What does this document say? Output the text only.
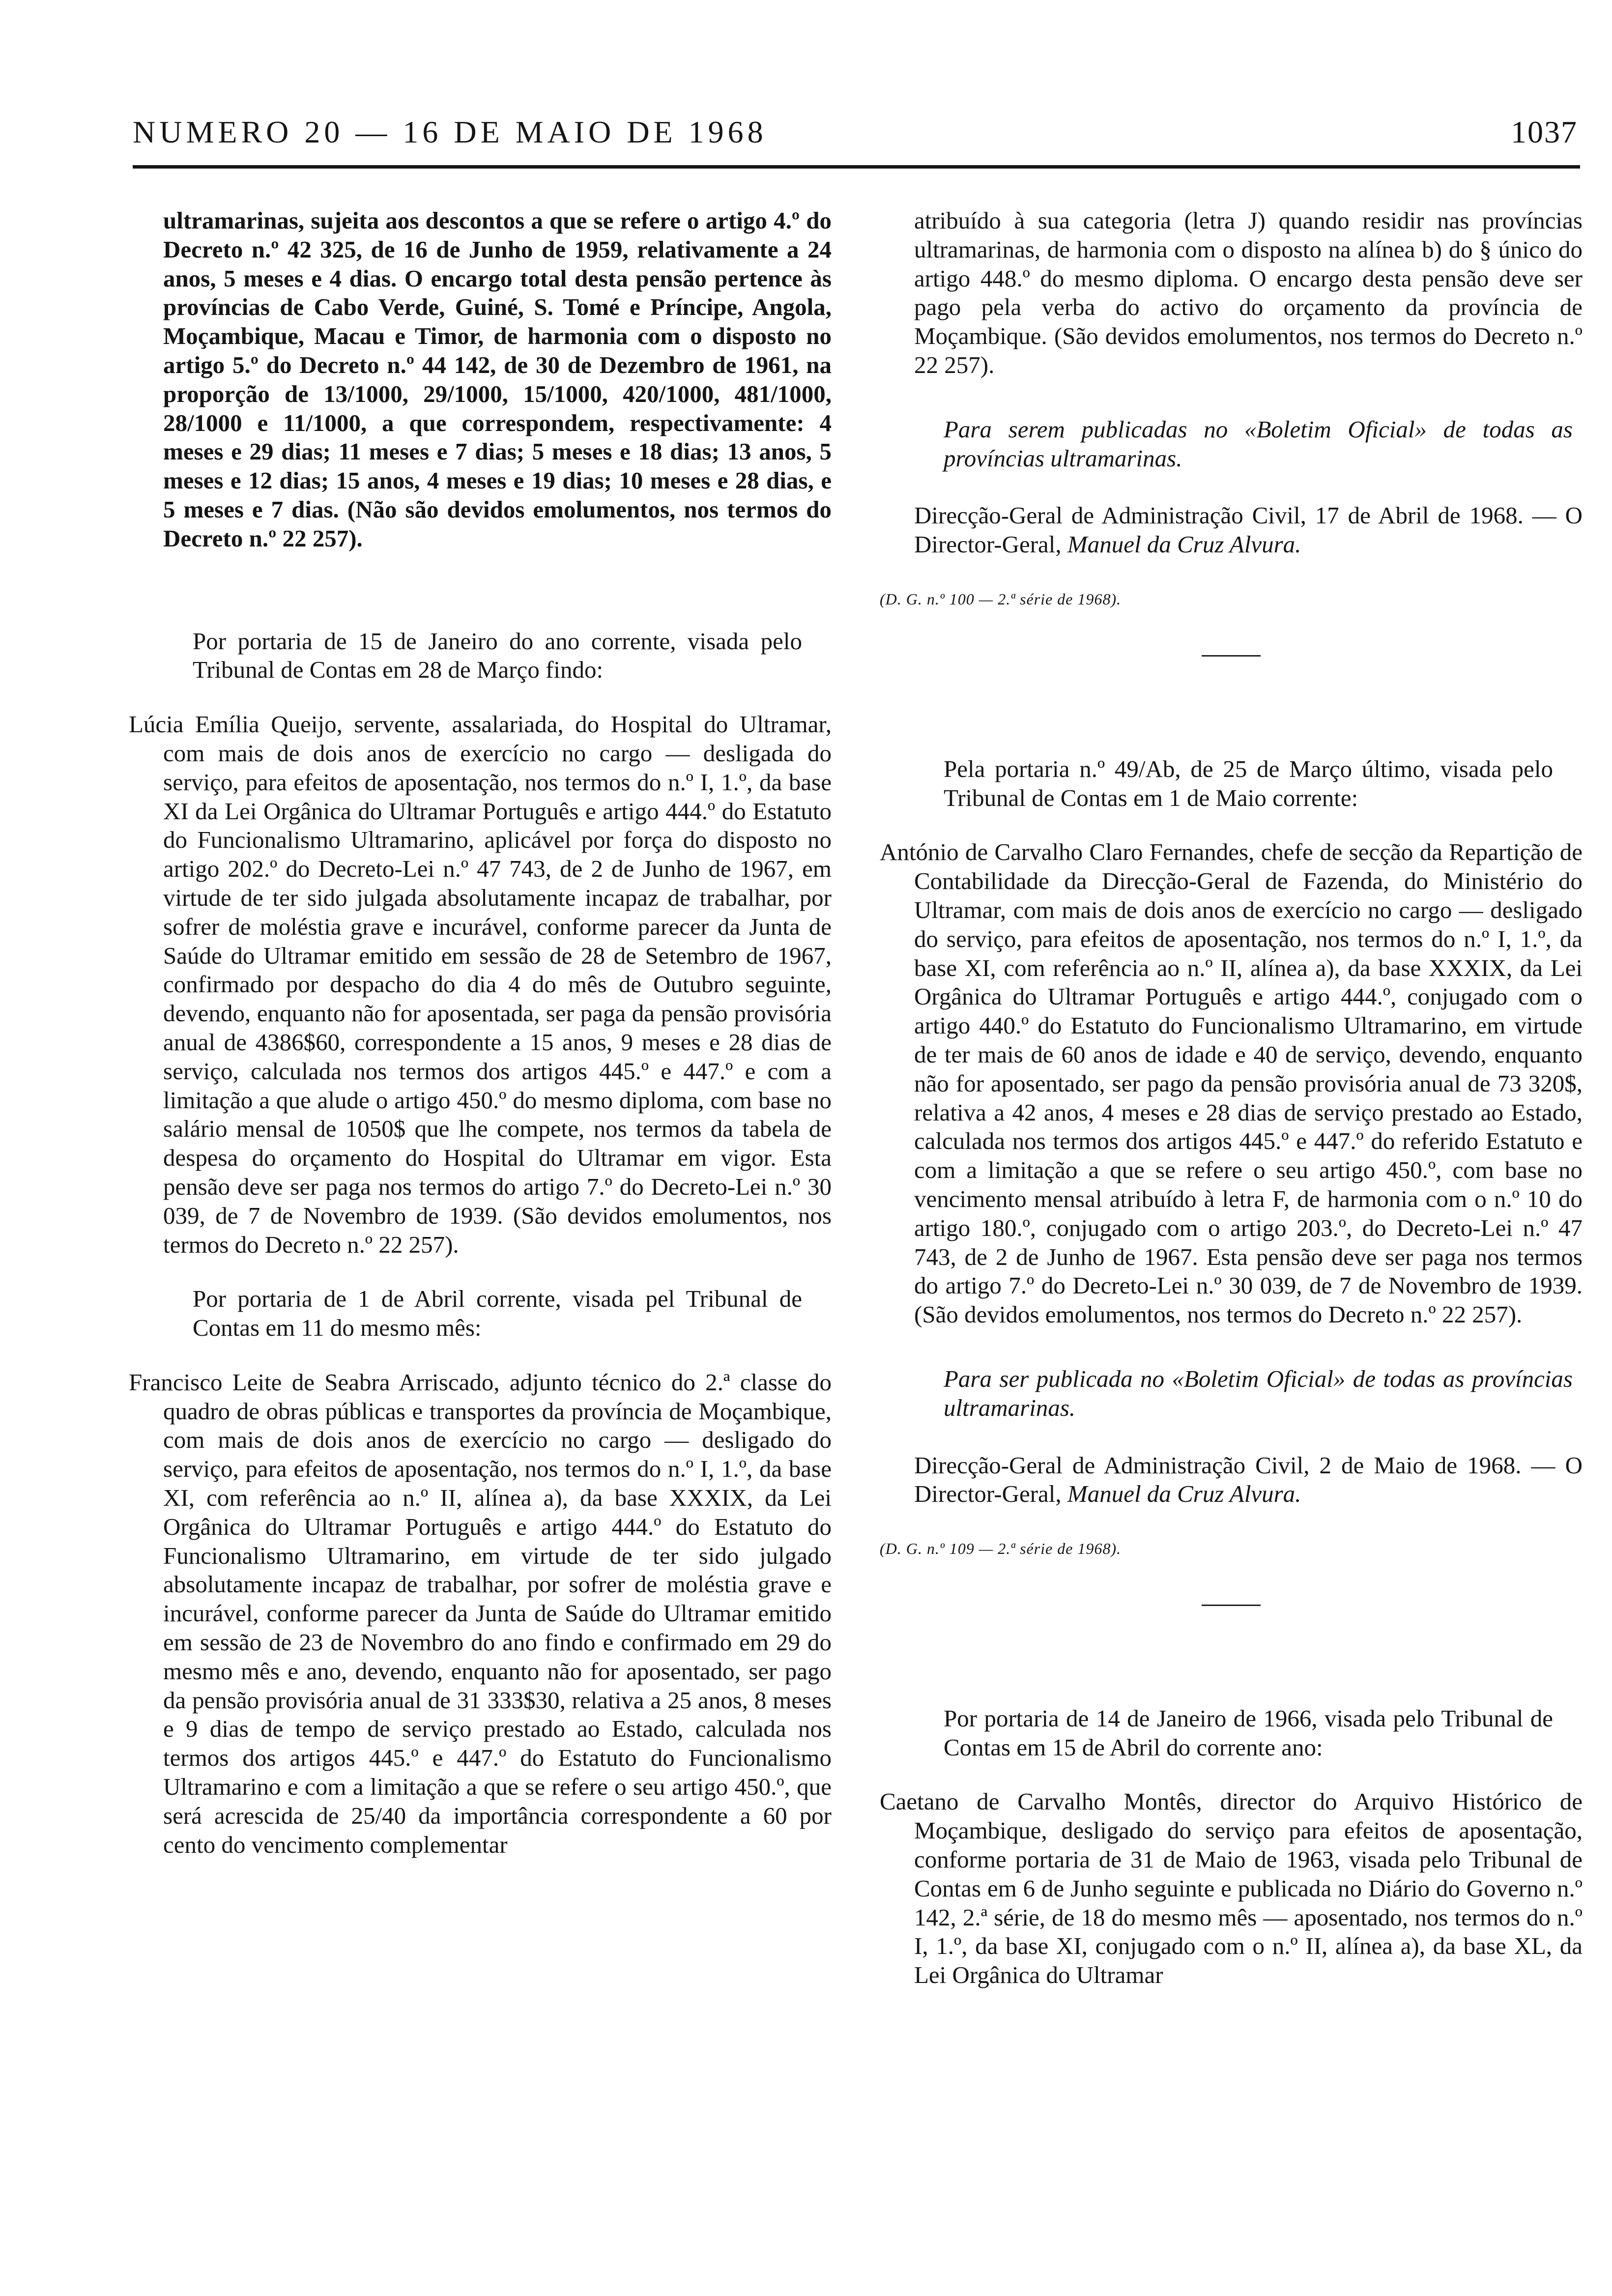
NUMERO 20 — 16 DE MAIO DE 1968	1037

ultramarinas, sujeita aos descontos a que se refere o artigo 4.º do Decreto n.º 42 325, de 16 de Junho de 1959, relativamente a 24 anos, 5 meses e 4 dias. O encargo total desta pensão pertence às províncias de Cabo Verde, Guiné, S. Tomé e Príncipe, Angola, Moçambique, Macau e Timor, de harmonia com o disposto no artigo 5.º do Decreto n.º 44 142, de 30 de Dezembro de 1961, na proporção de 13/1000, 29/1000, 15/1000, 420/1000, 481/1000, 28/1000 e 11/1000, a que correspondem, respectivamente: 4 meses e 29 dias; 11 meses e 7 dias; 5 meses e 18 dias; 13 anos, 5 meses e 12 dias; 15 anos, 4 meses e 19 dias; 10 meses e 28 dias, e 5 meses e 7 dias. (Não são devidos emolumentos, nos termos do Decreto n.º 22 257).

Por portaria de 15 de Janeiro do ano corrente, visada pelo Tribunal de Contas em 28 de Março findo:

Lúcia Emília Queijo, servente, assalariada, do Hospital do Ultramar, com mais de dois anos de exercício no cargo — desligada do serviço, para efeitos de aposentação, nos termos do n.º I, 1.º, da base XI da Lei Orgânica do Ultramar Português e artigo 444.º do Estatuto do Funcionalismo Ultramarino, aplicável por força do disposto no artigo 202.º do Decreto-Lei n.º 47 743, de 2 de Junho de 1967, em virtude de ter sido julgada absolutamente incapaz de trabalhar, por sofrer de moléstia grave e incurável, conforme parecer da Junta de Saúde do Ultramar emitido em sessão de 28 de Setembro de 1967, confirmado por despacho do dia 4 do mês de Outubro seguinte, devendo, enquanto não for aposentada, ser paga da pensão provisória anual de 4386$60, correspondente a 15 anos, 9 meses e 28 dias de serviço, calculada nos termos dos artigos 445.º e 447.º e com a limitação a que alude o artigo 450.º do mesmo diploma, com base no salário mensal de 1050$ que lhe compete, nos termos da tabela de despesa do orçamento do Hospital do Ultramar em vigor. Esta pensão deve ser paga nos termos do artigo 7.º do Decreto-Lei n.º 30 039, de 7 de Novembro de 1939. (São devidos emolumentos, nos termos do Decreto n.º 22 257).

Por portaria de 1 de Abril corrente, visada pel Tribunal de Contas em 11 do mesmo mês:

Francisco Leite de Seabra Arriscado, adjunto técnico do 2.ª classe do quadro de obras públicas e transportes da província de Moçambique, com mais de dois anos de exercício no cargo — desligado do serviço, para efeitos de aposentação, nos termos do n.º I, 1.º, da base XI, com referência ao n.º II, alínea a), da base XXXIX, da Lei Orgânica do Ultramar Português e artigo 444.º do Estatuto do Funcionalismo Ultramarino, em virtude de ter sido julgado absolutamente incapaz de trabalhar, por sofrer de moléstia grave e incurável, conforme parecer da Junta de Saúde do Ultramar emitido em sessão de 23 de Novembro do ano findo e confirmado em 29 do mesmo mês e ano, devendo, enquanto não for aposentado, ser pago da pensão provisória anual de 31 333$30, relativa a 25 anos, 8 meses e 9 dias de tempo de serviço prestado ao Estado, calculada nos termos dos artigos 445.º e 447.º do Estatuto do Funcionalismo Ultramarino e com a limitação a que se refere o seu artigo 450.º, que será acrescida de 25/40 da importância correspondente a 60 por cento do vencimento complementar

atribuído à sua categoria (letra J) quando residir nas províncias ultramarinas, de harmonia com o disposto na alínea b) do § único do artigo 448.º do mesmo diploma. O encargo desta pensão deve ser pago pela verba do activo do orçamento da província de Moçambique. (São devidos emolumentos, nos termos do Decreto n.º 22 257).

Para serem publicadas no «Boletim Oficial» de todas as províncias ultramarinas.

Direcção-Geral de Administração Civil, 17 de Abril de 1968. — O Director-Geral, Manuel da Cruz Alvura.

(D. G. n.º 100 — 2.ª série de 1968).

Pela portaria n.º 49/Ab, de 25 de Março último, visada pelo Tribunal de Contas em 1 de Maio corrente:

António de Carvalho Claro Fernandes, chefe de secção da Repartição de Contabilidade da Direcção-Geral de Fazenda, do Ministério do Ultramar, com mais de dois anos de exercício no cargo — desligado do serviço, para efeitos de aposentação, nos termos do n.º I, 1.º, da base XI, com referência ao n.º II, alínea a), da base XXXIX, da Lei Orgânica do Ultramar Português e artigo 444.º, conjugado com o artigo 440.º do Estatuto do Funcionalismo Ultramarino, em virtude de ter mais de 60 anos de idade e 40 de serviço, devendo, enquanto não for aposentado, ser pago da pensão provisória anual de 73 320$, relativa a 42 anos, 4 meses e 28 dias de serviço prestado ao Estado, calculada nos termos dos artigos 445.º e 447.º do referido Estatuto e com a limitação a que se refere o seu artigo 450.º, com base no vencimento mensal atribuído à letra F, de harmonia com o n.º 10 do artigo 180.º, conjugado com o artigo 203.º, do Decreto-Lei n.º 47 743, de 2 de Junho de 1967. Esta pensão deve ser paga nos termos do artigo 7.º do Decreto-Lei n.º 30 039, de 7 de Novembro de 1939. (São devidos emolumentos, nos termos do Decreto n.º 22 257).

Para ser publicada no «Boletim Oficial» de todas as províncias ultramarinas.

Direcção-Geral de Administração Civil, 2 de Maio de 1968. — O Director-Geral, Manuel da Cruz Alvura.

(D. G. n.º 109 — 2.ª série de 1968).

Por portaria de 14 de Janeiro de 1966, visada pelo Tribunal de Contas em 15 de Abril do corrente ano:

Caetano de Carvalho Montês, director do Arquivo Histórico de Moçambique, desligado do serviço para efeitos de aposentação, conforme portaria de 31 de Maio de 1963, visada pelo Tribunal de Contas em 6 de Junho seguinte e publicada no Diário do Governo n.º 142, 2.ª série, de 18 do mesmo mês — aposentado, nos termos do n.º I, 1.º, da base XI, conjugado com o n.º II, alínea a), da base XL, da Lei Orgânica do Ultramar
